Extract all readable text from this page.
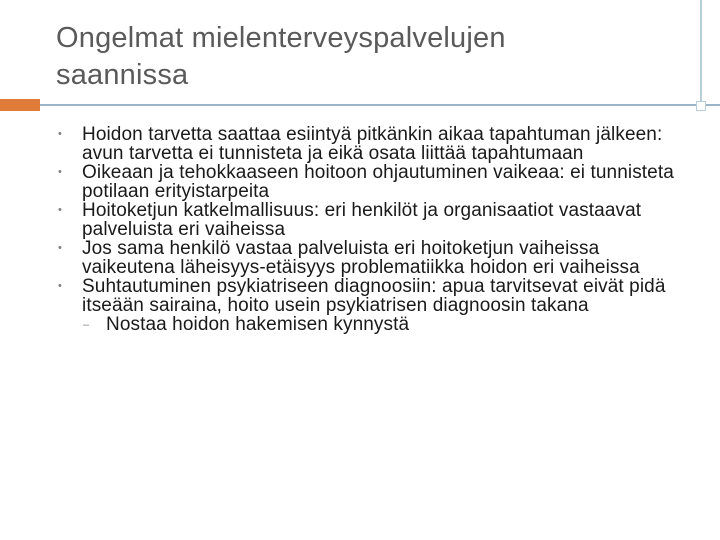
Ongelmat mielenterveyspalvelujen saannissa
• Hoidon tarvetta saattaa esiintyä pitkänkin aikaa tapahtuman jälkeen: avun tarvetta ei tunnisteta ja eikä osata liittää tapahtumaan
• Oikeaan ja tehokkaaseen hoitoon ohjautuminen vaikeaa: ei tunnisteta potilaan erityistarpeita
• Hoitoketjun katkelmallisuus: eri henkilöt ja organisaatiot vastaavat palveluista eri vaiheissa
• Jos sama henkilö vastaa palveluista eri hoitoketjun vaiheissa vaikeutena läheisyys-etäisyys problematiikka hoidon eri vaiheissa
• Suhtautuminen psykiatriseen diagnoosiin: apua tarvitsevat eivät pidä itseään sairaina, hoito usein psykiatrisen diagnoosin takana
– Nostaa hoidon hakemisen kynnystä
